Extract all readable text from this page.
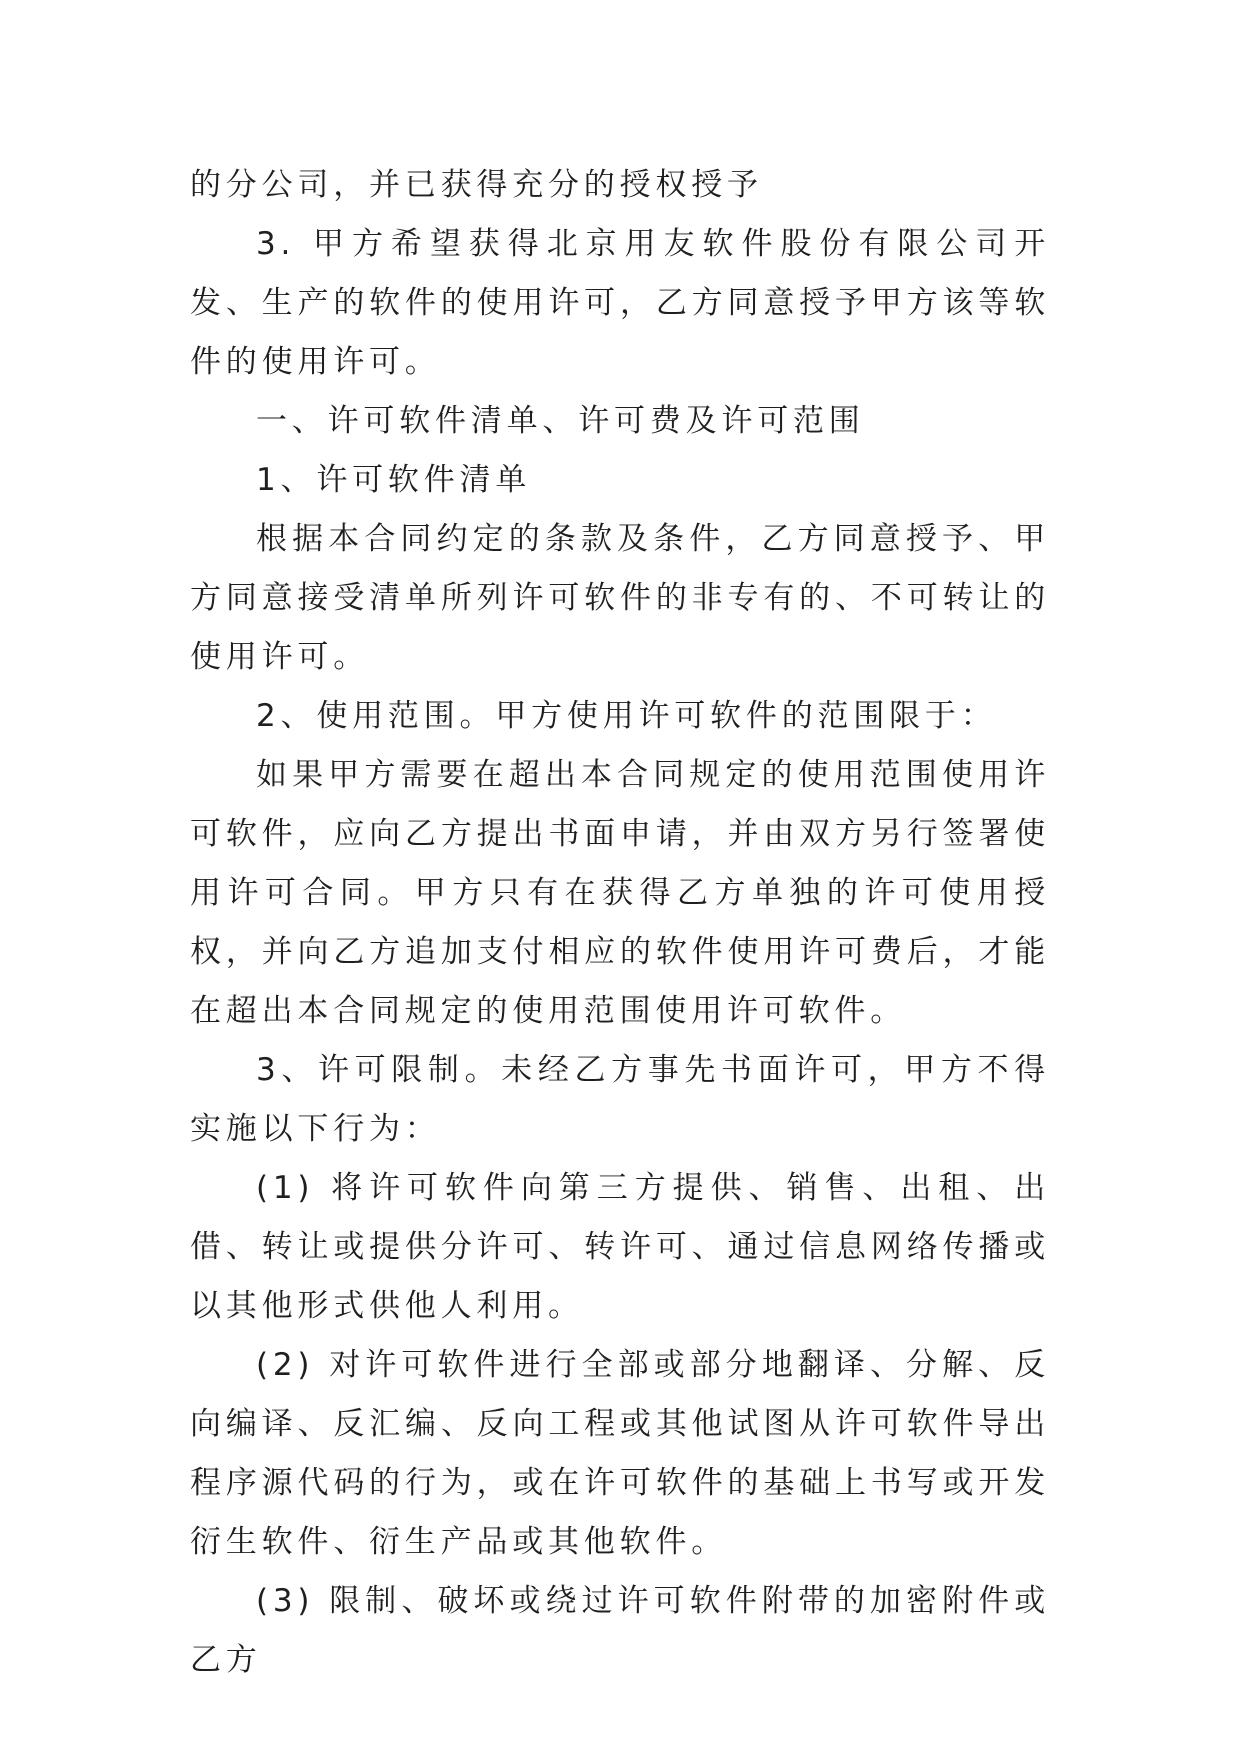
的分公司，并已获得充分的授权授予

3. 甲方希望获得北京用友软件股份有限公司开发、生产的软件的使用许可，乙方同意授予甲方该等软件的使用许可。

一、许可软件清单、许可费及许可范围

1、许可软件清单

根据本合同约定的条款及条件，乙方同意授予、甲方同意接受清单所列许可软件的非专有的、不可转让的使用许可。

2、使用范围。甲方使用许可软件的范围限于：

如果甲方需要在超出本合同规定的使用范围使用许可软件，应向乙方提出书面申请，并由双方另行签署使用许可合同。甲方只有在获得乙方单独的许可使用授权，并向乙方追加支付相应的软件使用许可费后，才能在超出本合同规定的使用范围使用许可软件。

3、许可限制。未经乙方事先书面许可，甲方不得实施以下行为：

(1) 将许可软件向第三方提供、销售、出租、出借、转让或提供分许可、转许可、通过信息网络传播或以其他形式供他人利用。

(2) 对许可软件进行全部或部分地翻译、分解、反向编译、反汇编、反向工程或其他试图从许可软件导出程序源代码的行为，或在许可软件的基础上书写或开发衍生软件、衍生产品或其他软件。

(3) 限制、破坏或绕过许可软件附带的加密附件或乙方
